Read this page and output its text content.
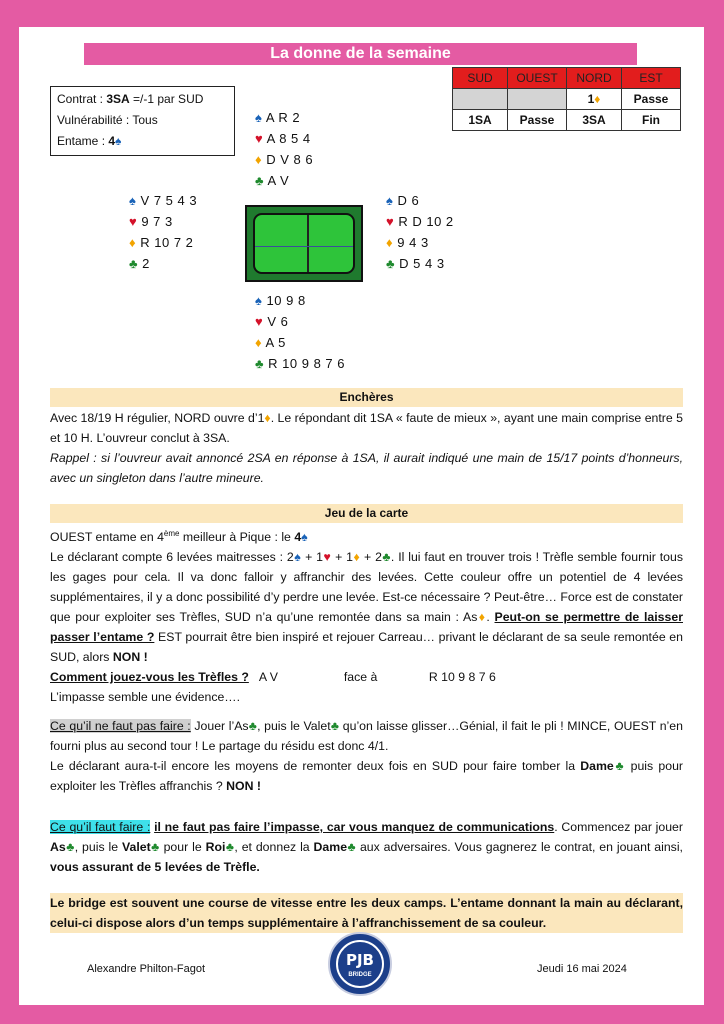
La donne de la semaine
SUD	OUEST	NORD	EST
		1♦	Passe
1SA	Passe	3SA	Fin
Contrat : 3SA =/-1 par SUD
Vulnérabilité : Tous
Entame : 4♠
♠ A R 2
♥ A 8 5 4
♦ D V 8 6
♣ A V
♠ V 7 5 4 3
♥ 9 7 3
♦ R 10 7 2
♣ 2
♠ D 6
♥ R D 10 2
♦ 9 4 3
♣ D 5 4 3
♠ 10 9 8
♥ V 6
♦ A 5
♣ R 10 9 8 7 6
Enchères

Avec 18/19 H régulier, NORD ouvre d’1♦. Le répondant dit 1SA « faute de mieux », ayant une main comprise entre 5 et 10 H. L’ouvreur conclut à 3SA.

Rappel : si l’ouvreur avait annoncé 2SA en réponse à 1SA, il aurait indiqué une main de 15/17 points d’honneurs, avec un singleton dans l’autre mineure.

Jeu de la carte

OUEST entame en 4ème meilleur à Pique : le 4♠

Le déclarant compte 6 levées maitresses : 2♠ + 1♥ + 1♦ + 2♣. Il lui faut en trouver trois ! Trèfle semble fournir tous les gages pour cela. Il va donc falloir y affranchir des levées. Cette couleur offre un potentiel de 4 levées supplémentaires, il y a donc possibilité d’y perdre une levée. Est-ce nécessaire ? Peut-être… Force est de constater que pour exploiter ses Trèfles, SUD n’a qu’une remontée dans sa main : As♦. Peut-on se permettre de laisser passer l’entame ? EST pourrait être bien inspiré et rejouer Carreau… privant le déclarant de sa seule remontée en SUD, alors NON !

Comment jouez-vous les Trèfles ? A V	face à	R 10 9 8 7 6

L’impasse semble une évidence….

Ce qu’il ne faut pas faire : Jouer l’As♣, puis le Valet♣ qu’on laisse glisser…Génial, il fait le pli ! MINCE, OUEST n’en fourni plus au second tour ! Le partage du résidu est donc 4/1.

Le déclarant aura-t-il encore les moyens de remonter deux fois en SUD pour faire tomber la Dame♣ puis pour exploiter les Trèfles affranchis ? NON !

Ce qu’il faut faire : il ne faut pas faire l’impasse, car vous manquez de communications. Commencez par jouer As♣, puis le Valet♣ pour le Roi♣, et donnez la Dame♣ aux adversaires. Vous gagnerez le contrat, en jouant ainsi, vous assurant de 5 levées de Trèfle.

Le bridge est souvent une course de vitesse entre les deux camps. L’entame donnant la main au déclarant, celui-ci dispose alors d’un temps supplémentaire à l’affranchissement de sa couleur.
Alexandre Philton-Fagot	PJB
BRIDGE	Jeudi 16 mai 2024
